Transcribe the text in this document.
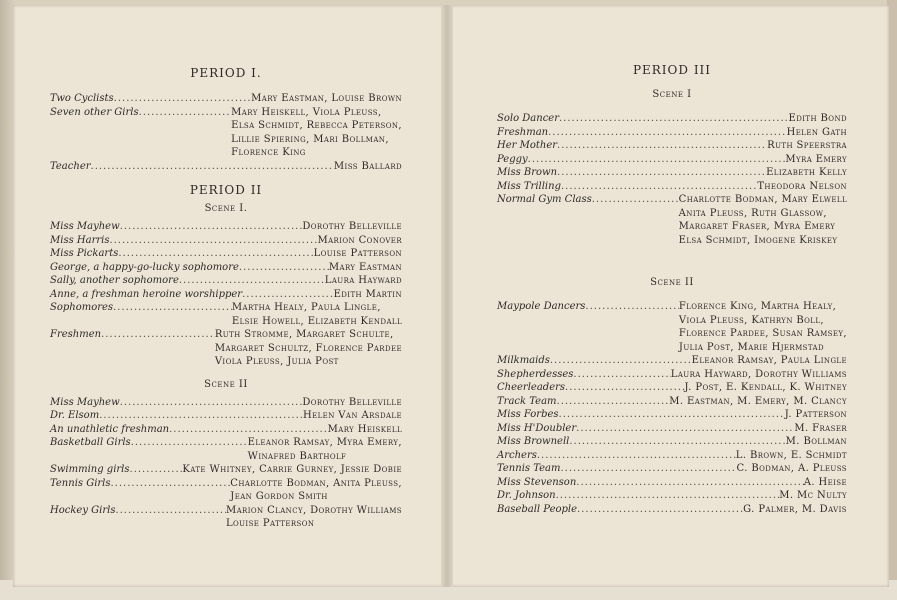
PERIOD I.
Two Cyclists .....	Mary Eastman, Louise Brown
Seven other Girls .....	Mary Heiskell, Viola Pleuss,
Elsa Schmidt, Rebecca Peterson,
Lillie Spiering, Mari Bollman,
Florence King
Teacher .....	Miss Ballard
PERIOD II
Scene I.
Miss Mayhew .....	Dorothy Belleville
Miss Harris .....	Marion Conover
Miss Pickarts .....	Louise Patterson
George, a happy-go-lucky sophomore .....	Mary Eastman
Sally, another sophomore .....	Laura Hayward
Anne, a freshman heroine worshipper .....	Edith Martin
Sophomores .....	Martha Healy, Paula Lingle,
Elsie Howell, Elizabeth Kendall
Freshmen .....	Ruth Stromme, Margaret Schulte,
Margaret Schultz, Florence Pardee
Viola Pleuss, Julia Post
Scene II
Miss Mayhew .....	Dorothy Belleville
Dr. Elsom .....	Helen Van Arsdale
An unathletic freshman .....	Mary Heiskell
Basketball Girls .....	Eleanor Ramsay, Myra Emery,
Winafred Bartholf
Swimming girls .....	Kate Whitney, Carrie Gurney, Jessie Dobie
Tennis Girls .....	Charlotte Bodman, Anita Pleuss,
Jean Gordon Smith
Hockey Girls .....	Marion Clancy, Dorothy Williams
Louise Patterson
PERIOD III
Scene I
Solo Dancer .....	Edith Bond
Freshman .....	Helen Gath
Her Mother .....	Ruth Speerstra
Peggy .....	Myra Emery
Miss Brown .....	Elizabeth Kelly
Miss Trilling .....	Theodora Nelson
Normal Gym Class .....	Charlotte Bodman, Mary Elwell
Anita Pleuss, Ruth Glassow,
Margaret Fraser, Myra Emery
Elsa Schmidt, Imogene Kriskey
Scene II
Maypole Dancers .....	Florence King, Martha Healy,
Viola Pleuss, Kathryn Boll,
Florence Pardee, Susan Ramsey,
Julia Post, Marie Hjermstad
Milkmaids .....	Eleanor Ramsay, Paula Lingle
Shepherdesses .....	Laura Hayward, Dorothy Williams
Cheerleaders .....	J. Post, E. Kendall, K. Whitney
Track Team .....	M. Eastman, M. Emery, M. Clancy
Miss Forbes .....	J. Patterson
Miss H'Doubler .....	M. Fraser
Miss Brownell .....	M. Bollman
Archers .....	L. Brown, E. Schmidt
Tennis Team .....	C. Bodman, A. Pleuss
Miss Stevenson .....	A. Heise
Dr. Johnson .....	M. Mc Nulty
Baseball People .....	G. Palmer, M. Davis
